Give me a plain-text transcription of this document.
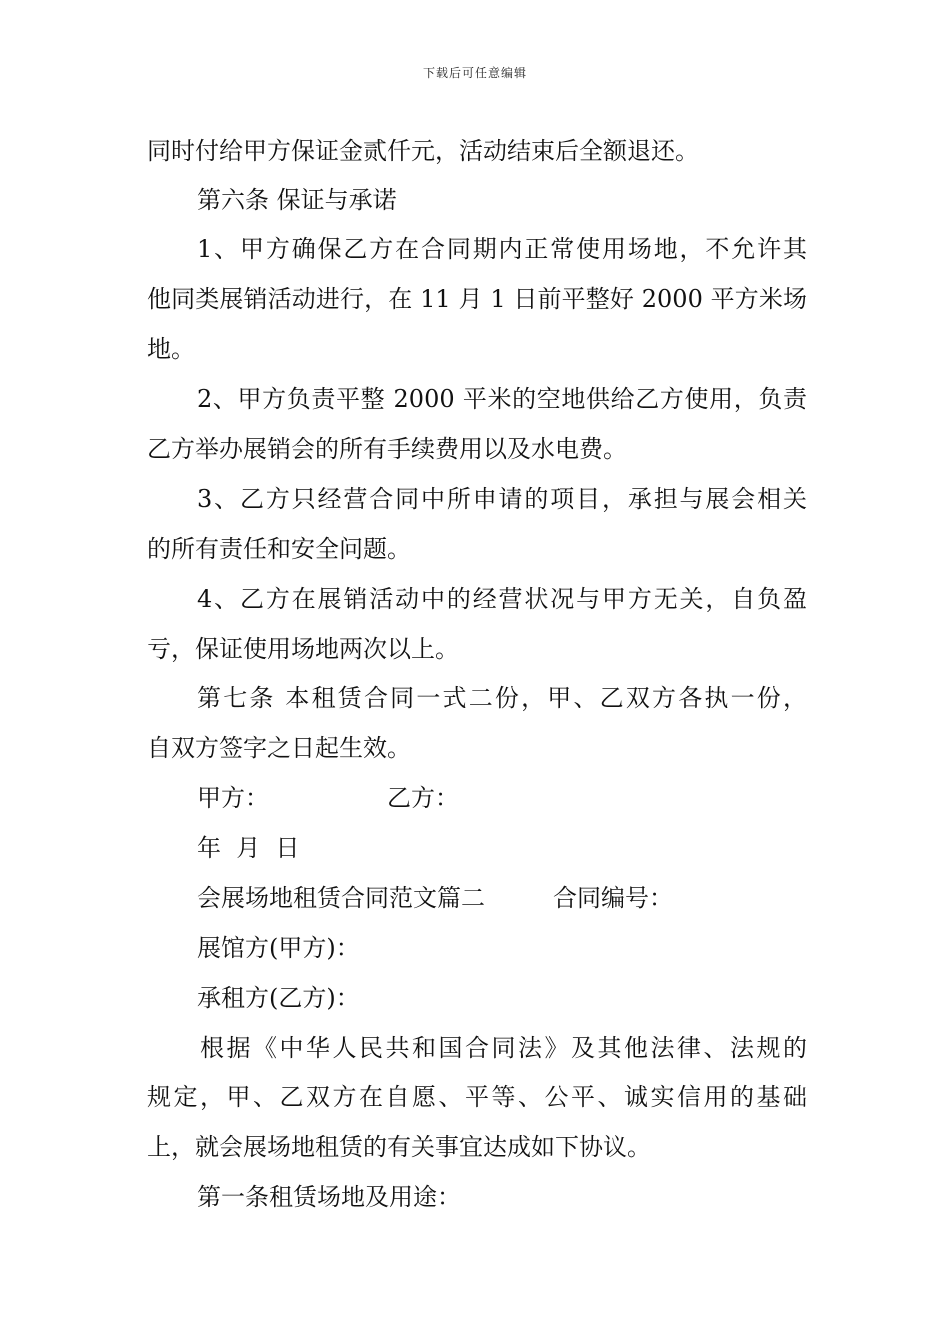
下载后可任意编辑
同时付给甲方保证金贰仟元，活动结束后全额退还。
第六条 保证与承诺
1、甲方确保乙方在合同期内正常使用场地，不允许其
他同类展销活动进行，在 11 月 1 日前平整好 2000 平方米场
地。
2、甲方负责平整 2000 平米的空地供给乙方使用，负责
乙方举办展销会的所有手续费用以及水电费。
3、乙方只经营合同中所申请的项目，承担与展会相关
的所有责任和安全问题。
4、乙方在展销活动中的经营状况与甲方无关，自负盈
亏，保证使用场地两次以上。
第七条 本租赁合同一式二份，甲、乙双方各执一份，
自双方签字之日起生效。
甲方：	乙方：
年  月  日
会展场地租赁合同范文篇二	合同编号：
展馆方(甲方)：
承租方(乙方)：
根据《中华人民共和国合同法》及其他法律、法规的
规定，甲、乙双方在自愿、平等、公平、诚实信用的基础
上，就会展场地租赁的有关事宜达成如下协议。
第一条租赁场地及用途：
